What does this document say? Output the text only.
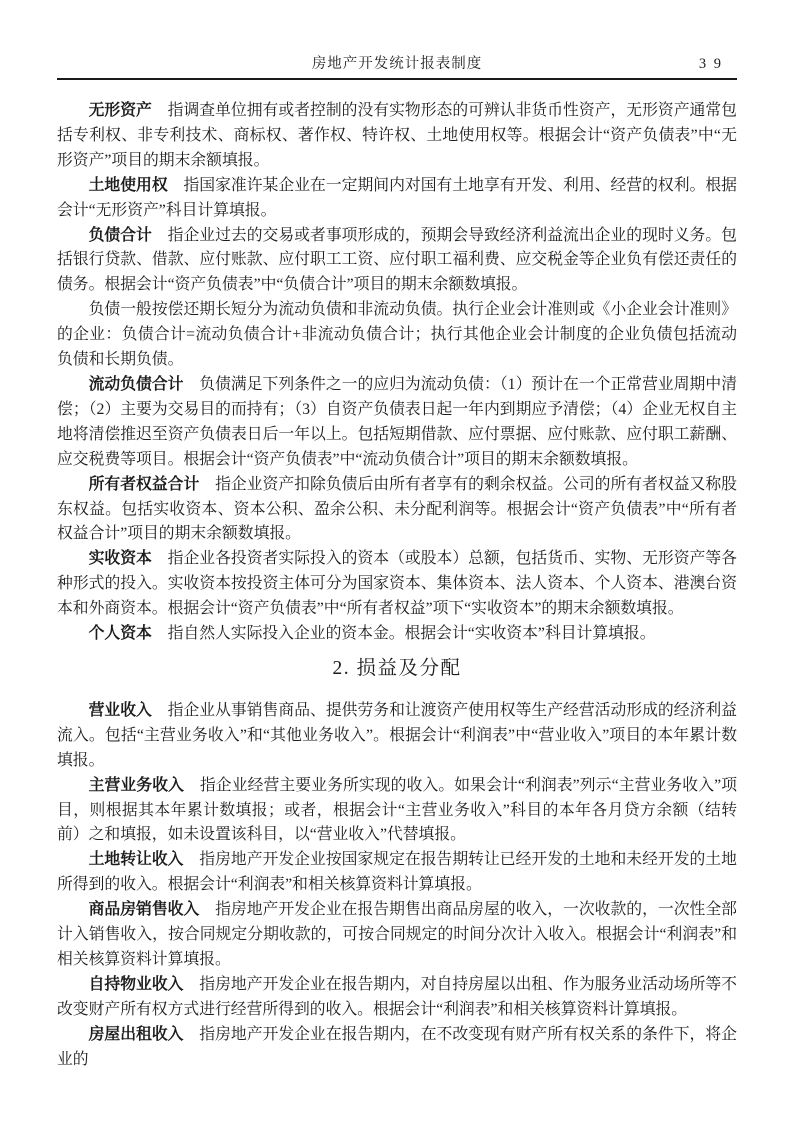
房地产开发统计报表制度	3 9

无形资产　指调查单位拥有或者控制的没有实物形态的可辨认非货币性资产，无形资产通常包括专利权、非专利技术、商标权、著作权、特许权、土地使用权等。根据会计“资产负债表”中“无形资产”项目的期末余额填报。

土地使用权　指国家准许某企业在一定期间内对国有土地享有开发、利用、经营的权利。根据会计“无形资产”科目计算填报。

负债合计　指企业过去的交易或者事项形成的，预期会导致经济利益流出企业的现时义务。包括银行贷款、借款、应付账款、应付职工工资、应付职工福利费、应交税金等企业负有偿还责任的债务。根据会计“资产负债表”中“负债合计”项目的期末余额数填报。

负债一般按偿还期长短分为流动负债和非流动负债。执行企业会计准则或《小企业会计准则》的企业：负债合计=流动负债合计+非流动负债合计；执行其他企业会计制度的企业负债包括流动负债和长期负债。

流动负债合计　负债满足下列条件之一的应归为流动负债：（1）预计在一个正常营业周期中清偿；（2）主要为交易目的而持有；（3）自资产负债表日起一年内到期应予清偿；（4）企业无权自主地将清偿推迟至资产负债表日后一年以上。包括短期借款、应付票据、应付账款、应付职工薪酬、应交税费等项目。根据会计“资产负债表”中“流动负债合计”项目的期末余额数填报。

所有者权益合计　指企业资产扣除负债后由所有者享有的剩余权益。公司的所有者权益又称股东权益。包括实收资本、资本公积、盈余公积、未分配利润等。根据会计“资产负债表”中“所有者权益合计”项目的期末余额数填报。

实收资本　指企业各投资者实际投入的资本（或股本）总额，包括货币、实物、无形资产等各种形式的投入。实收资本按投资主体可分为国家资本、集体资本、法人资本、个人资本、港澳台资本和外商资本。根据会计“资产负债表”中“所有者权益”项下“实收资本”的期末余额数填报。

个人资本　指自然人实际投入企业的资本金。根据会计“实收资本”科目计算填报。

2. 损益及分配

营业收入　指企业从事销售商品、提供劳务和让渡资产使用权等生产经营活动形成的经济利益流入。包括“主营业务收入”和“其他业务收入”。根据会计“利润表”中“营业收入”项目的本年累计数填报。

主营业务收入　指企业经营主要业务所实现的收入。如果会计“利润表”列示“主营业务收入”项目，则根据其本年累计数填报；或者，根据会计“主营业务收入”科目的本年各月贷方余额（结转前）之和填报，如未设置该科目，以“营业收入”代替填报。

土地转让收入　指房地产开发企业按国家规定在报告期转让已经开发的土地和未经开发的土地所得到的收入。根据会计“利润表”和相关核算资料计算填报。

商品房销售收入　指房地产开发企业在报告期售出商品房屋的收入，一次收款的，一次性全部计入销售收入，按合同规定分期收款的，可按合同规定的时间分次计入收入。根据会计“利润表”和相关核算资料计算填报。

自持物业收入　指房地产开发企业在报告期内，对自持房屋以出租、作为服务业活动场所等不改变财产所有权方式进行经营所得到的收入。根据会计“利润表”和相关核算资料计算填报。

房屋出租收入　指房地产开发企业在报告期内，在不改变现有财产所有权关系的条件下，将企业的
